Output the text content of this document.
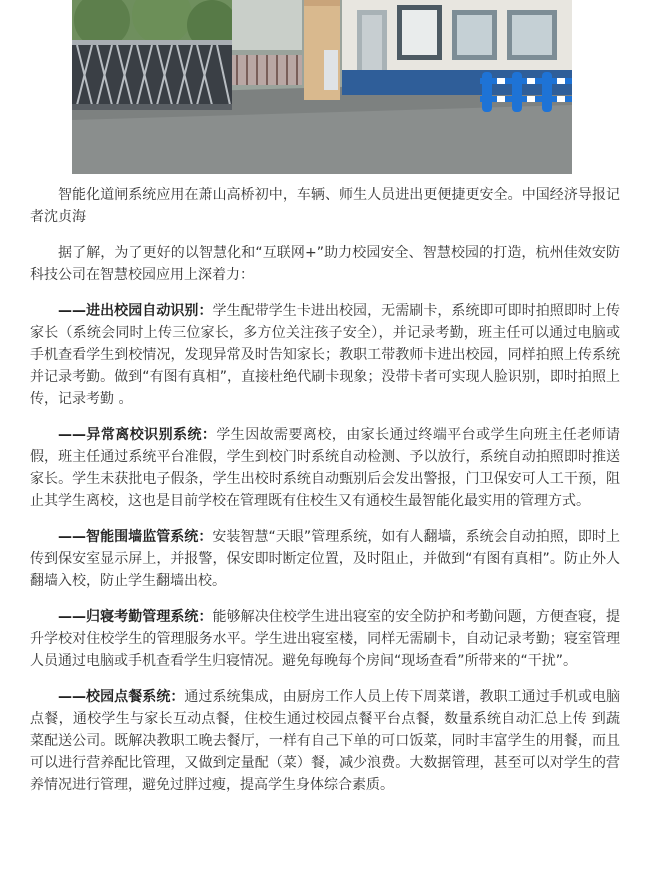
智能化道闸系统应用在萧山高桥初中，车辆、师生人员进出更便捷更安全。中国经济导报记者沈贞海

据了解，为了更好的以智慧化和“互联网+”助力校园安全、智慧校园的打造，杭州佳效安防科技公司在智慧校园应用上深着力：

——进出校园自动识别：学生配带学生卡进出校园，无需刷卡，系统即可即时拍照即时上传家长（系统会同时上传三位家长，多方位关注孩子安全），并记录考勤，班主任可以通过电脑或手机查看学生到校情况，发现异常及时告知家长；教职工带教师卡进出校园，同样拍照上传系统并记录考勤。做到“有图有真相”，直接杜绝代刷卡现象；没带卡者可实现人脸识别，即时拍照上传，记录考勤 。

——异常离校识别系统：学生因故需要离校，由家长通过终端平台或学生向班主任老师请假，班主任通过系统平台准假，学生到校门时系统自动检测、予以放行，系统自动拍照即时推送家长。学生未获批电子假条，学生出校时系统自动甄别后会发出警报，门卫保安可人工干预，阻止其学生离校，这也是目前学校在管理既有住校生又有通校生最智能化最实用的管理方式。

——智能围墙监管系统：安装智慧“天眼”管理系统，如有人翻墙，系统会自动拍照，即时上传到保安室显示屏上，并报警，保安即时断定位置，及时阻止，并做到“有图有真相”。防止外人翻墙入校，防止学生翻墙出校。

——归寝考勤管理系统：能够解决住校学生进出寝室的安全防护和考勤问题，方便查寝，提升学校对住校学生的管理服务水平。学生进出寝室楼，同样无需刷卡，自动记录考勤；寝室管理人员通过电脑或手机查看学生归寝情况。避免每晚每个房间“现场查看”所带来的“干扰”。

——校园点餐系统：通过系统集成，由厨房工作人员上传下周菜谱，教职工通过手机或电脑点餐，通校学生与家长互动点餐，住校生通过校园点餐平台点餐，数量系统自动汇总上传 到蔬菜配送公司。既解决教职工晚去餐厅，一样有自己下单的可口饭菜，同时丰富学生的用餐，而且可以进行营养配比管理，又做到定量配（菜）餐，减少浪费。大数据管理，甚至可以对学生的营养情况进行管理，避免过胖过瘦，提高学生身体综合素质。
